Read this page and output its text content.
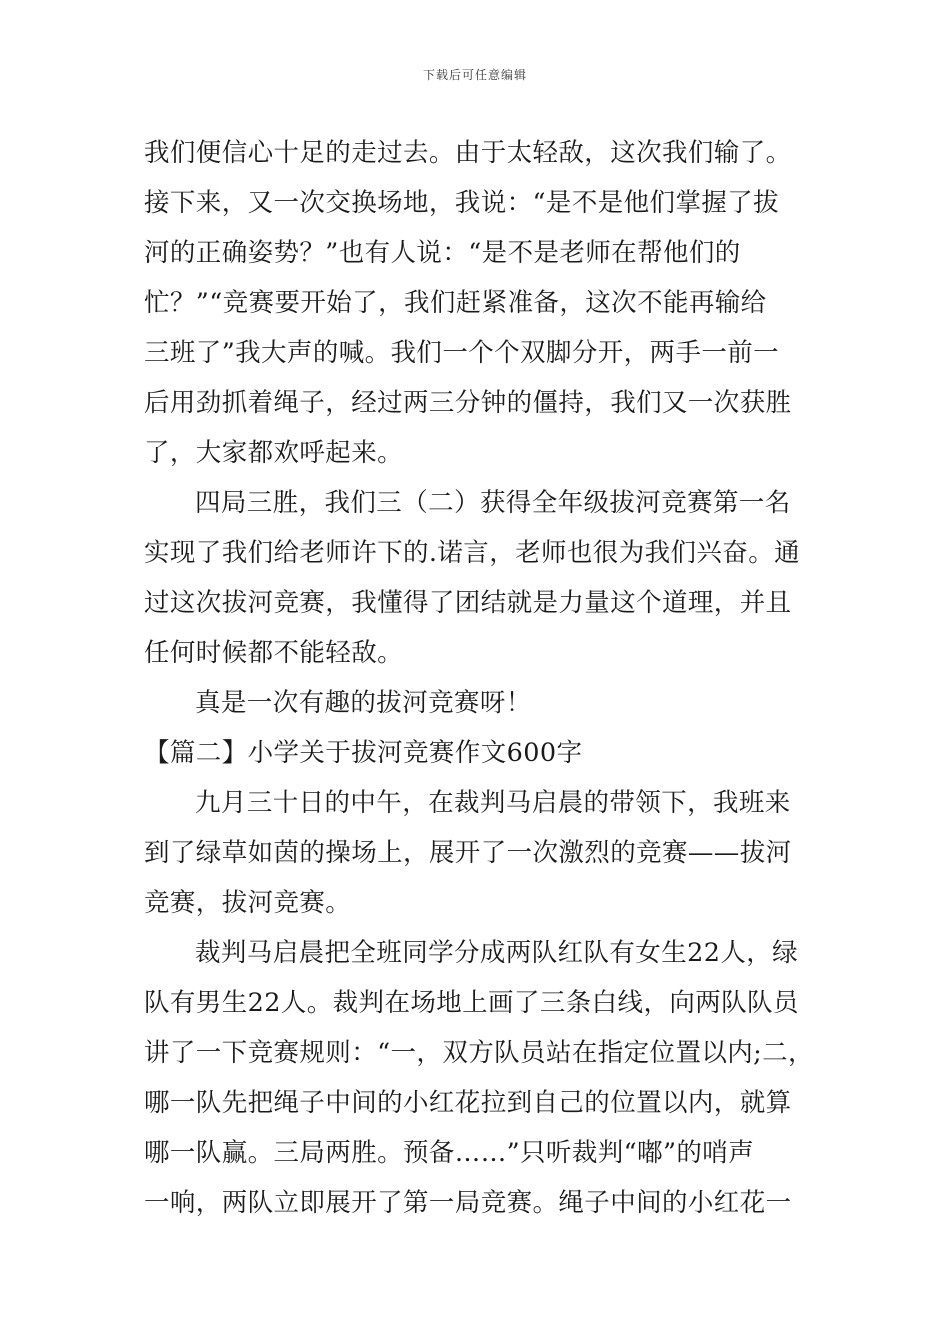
下载后可任意编辑
我们便信心十足的走过去。由于太轻敌，这次我们输了。
接下来，又一次交换场地，我说：“是不是他们掌握了拔
河的正确姿势？”也有人说：“是不是老师在帮他们的
忙？”“竞赛要开始了，我们赶紧准备，这次不能再输给
三班了”我大声的喊。我们一个个双脚分开，两手一前一
后用劲抓着绳子，经过两三分钟的僵持，我们又一次获胜
了，大家都欢呼起来。
四局三胜，我们三（二）获得全年级拔河竞赛第一名
实现了我们给老师许下的.诺言，老师也很为我们兴奋。通
过这次拔河竞赛，我懂得了团结就是力量这个道理，并且
任何时候都不能轻敌。
真是一次有趣的拔河竞赛呀！
【篇二】小学关于拔河竞赛作文600字
九月三十日的中午，在裁判马启晨的带领下，我班来
到了绿草如茵的操场上，展开了一次激烈的竞赛——拔河
竞赛，拔河竞赛。
裁判马启晨把全班同学分成两队红队有女生22人，绿
队有男生22人。裁判在场地上画了三条白线，向两队队员
讲了一下竞赛规则：“一，双方队员站在指定位置以内;二，
哪一队先把绳子中间的小红花拉到自己的位置以内，就算
哪一队赢。三局两胜。预备……”只听裁判“嘟”的哨声
一响，两队立即展开了第一局竞赛。绳子中间的小红花一
